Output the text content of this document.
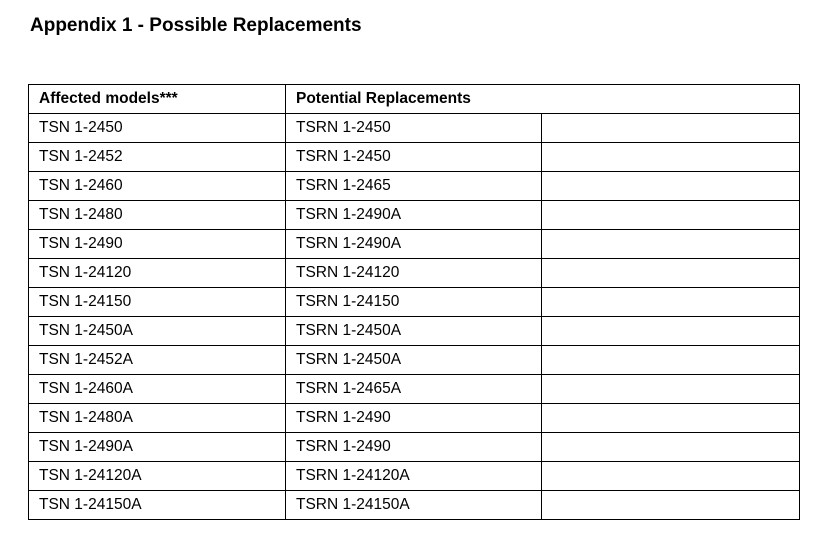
Appendix 1 - Possible Replacements
Affected models***	Potential Replacements	
TSN 1-2450	TSRN 1-2450	
TSN 1-2452	TSRN 1-2450	
TSN 1-2460	TSRN 1-2465	
TSN 1-2480	TSRN 1-2490A	
TSN 1-2490	TSRN 1-2490A	
TSN 1-24120	TSRN 1-24120	
TSN 1-24150	TSRN 1-24150	
TSN 1-2450A	TSRN 1-2450A	
TSN 1-2452A	TSRN 1-2450A	
TSN 1-2460A	TSRN 1-2465A	
TSN 1-2480A	TSRN 1-2490	
TSN 1-2490A	TSRN 1-2490	
TSN 1-24120A	TSRN 1-24120A	
TSN 1-24150A	TSRN 1-24150A	
